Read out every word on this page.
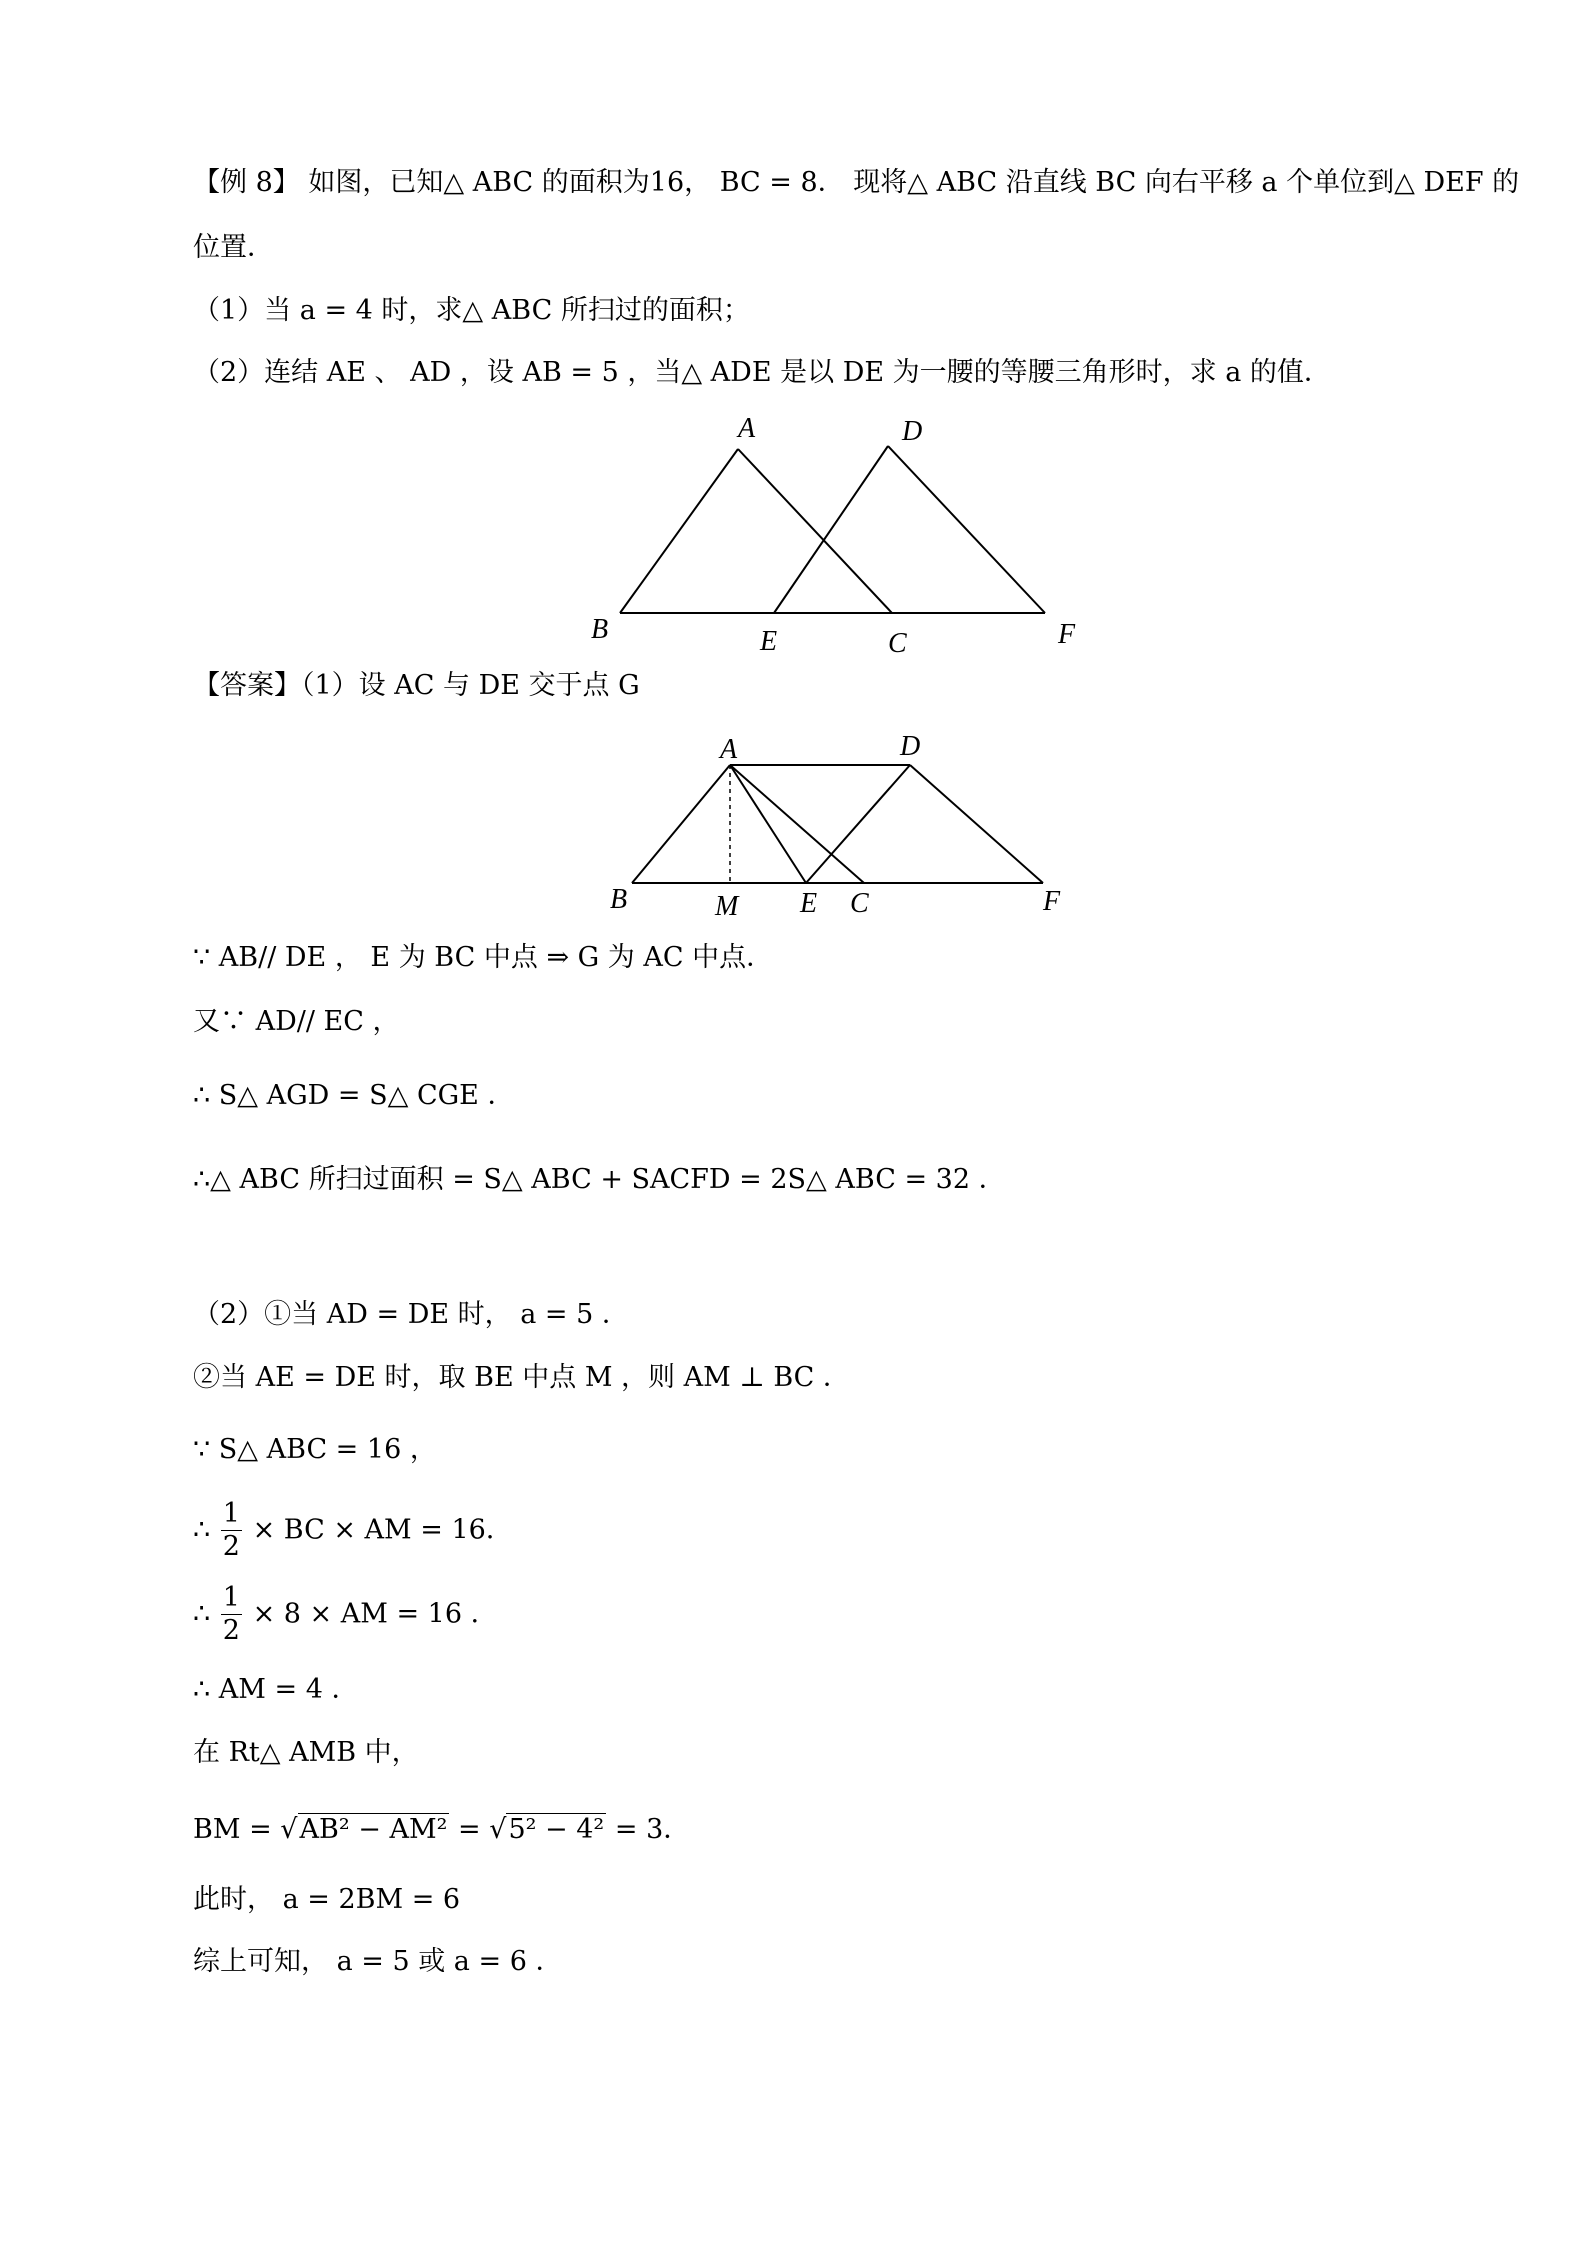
【例 8】 如图，已知△ ABC 的面积为16， BC = 8． 现将△ ABC 沿直线 BC 向右平移 a 个单位到△ DEF 的
位置．
（1）当 a = 4 时，求△ ABC 所扫过的面积；
（2）连结 AE 、 AD ，设 AB = 5 ，当△ ADE 是以 DE 为一腰的等腰三角形时，求 a 的值．
A	D
B	E	C	F
【答案】（1）设 AC 与 DE 交于点 G
A	D
B	M E C	F
∵ AB// DE ， E 为 BC 中点 ⇒ G 为 AC 中点．
又∵ AD// EC ，
∴ S△ AGD = S△ CGE ．
∴△ ABC 所扫过面积 = S△ ABC + SACFD = 2S△ ABC = 32 ．
（2）①当 AD = DE 时， a = 5 ．
②当 AE = DE 时，取 BE 中点 M ，则 AM ⊥ BC ．
∵ S△ ABC = 16 ，
∴ $\frac{1}{2}$ × BC × AM = 16．
∴ $\frac{1}{2} \times 8$ × AM = 16 ．
∴ AM = 4 ．
在 Rt△ AMB 中，
BM = √AB² − AM² = √5² − 4² = 3．
此时， a = 2BM = 6
综上可知， a = 5 或 a = 6 ．
